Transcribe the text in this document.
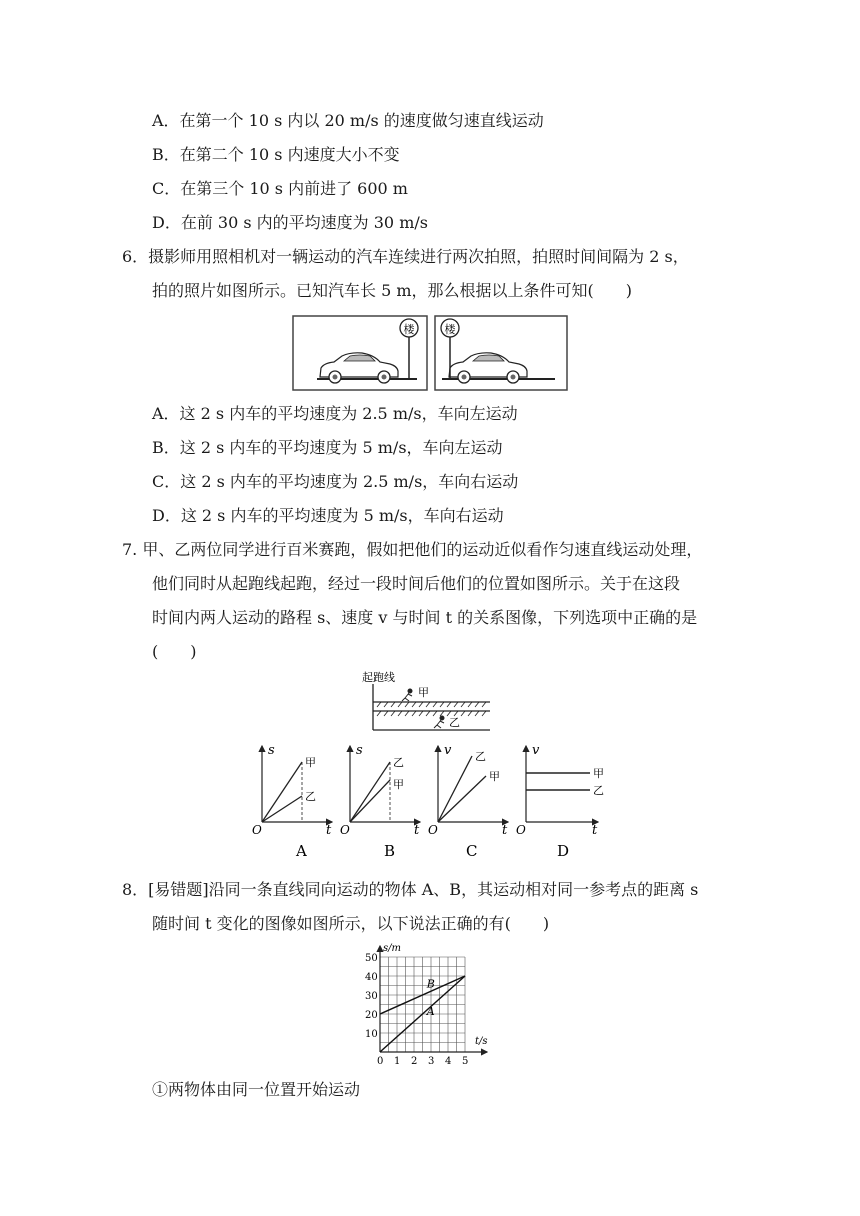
A．在第一个 10 s 内以 20 m/s 的速度做匀速直线运动
B．在第二个 10 s 内速度大小不变
C．在第三个 10 s 内前进了 600 m
D．在前 30 s 内的平均速度为 30 m/s
6．摄影师用照相机对一辆运动的汽车连续进行两次拍照，拍照时间间隔为 2 s，
拍的照片如图所示。已知汽车长 5 m，那么根据以上条件可知(　　)
楼	楼
A．这 2 s 内车的平均速度为 2.5 m/s，车向左运动
B．这 2 s 内车的平均速度为 5 m/s，车向左运动
C．这 2 s 内车的平均速度为 2.5 m/s，车向右运动
D．这 2 s 内车的平均速度为 5 m/s，车向右运动
7. 甲、乙两位同学进行百米赛跑，假如把他们的运动近似看作匀速直线运动处理，
他们同时从起跑线起跑，经过一段时间后他们的位置如图所示。关于在这段
时间内两人运动的路程 s、速度 v 与时间 t 的关系图像，下列选项中正确的是
(　　)
起跑线
甲
乙
s
t
O
甲
乙
A
s
t
O
乙
甲
B
v
t
O
乙
甲
C
v
t
O
甲
乙
D
8．[易错题]沿同一条直线同向运动的物体 A、B，其运动相对同一参考点的距离 s
随时间 t 变化的图像如图所示，以下说法正确的有(　　)
A
B
0 1 2 3 4 5
10
20
30
40
50
s/m
t/s
①两物体由同一位置开始运动
